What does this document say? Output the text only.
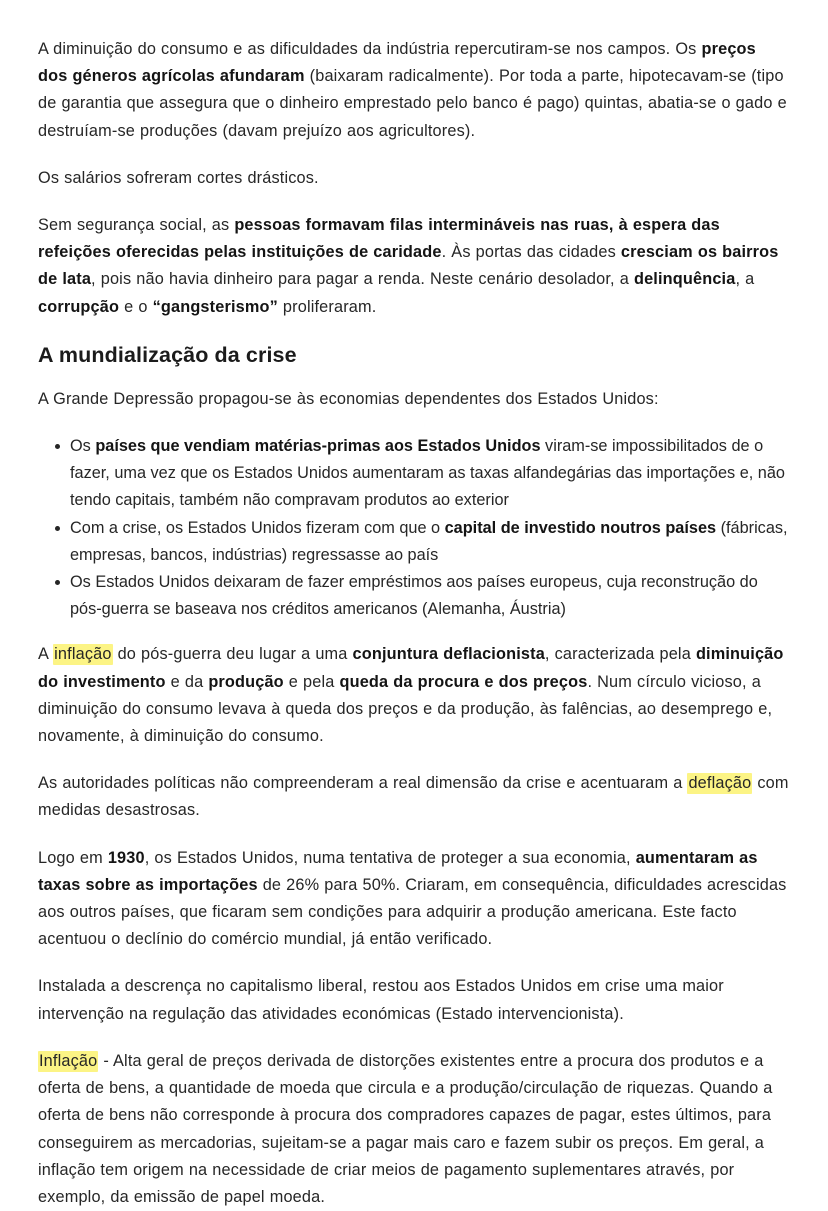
A diminuição do consumo e as dificuldades da indústria repercutiram-se nos campos. Os preços dos géneros agrícolas afundaram (baixaram radicalmente). Por toda a parte, hipotecavam-se (tipo de garantia que assegura que o dinheiro emprestado pelo banco é pago) quintas, abatia-se o gado e destruíam-se produções (davam prejuízo aos agricultores).

Os salários sofreram cortes drásticos.

Sem segurança social, as pessoas formavam filas intermináveis nas ruas, à espera das refeições oferecidas pelas instituições de caridade. Às portas das cidades cresciam os bairros de lata, pois não havia dinheiro para pagar a renda. Neste cenário desolador, a delinquência, a corrupção e o “gangsterismo” proliferaram.

A mundialização da crise

A Grande Depressão propagou-se às economias dependentes dos Estados Unidos:

Os países que vendiam matérias-primas aos Estados Unidos viram-se impossibilitados de o fazer, uma vez que os Estados Unidos aumentaram as taxas alfandegárias das importações e, não tendo capitais, também não compravam produtos ao exterior
Com a crise, os Estados Unidos fizeram com que o capital de investido noutros países (fábricas, empresas, bancos, indústrias) regressasse ao país
Os Estados Unidos deixaram de fazer empréstimos aos países europeus, cuja reconstrução do pós-guerra se baseava nos créditos americanos (Alemanha, Áustria)

A inflação do pós-guerra deu lugar a uma conjuntura deflacionista, caracterizada pela diminuição do investimento e da produção e pela queda da procura e dos preços. Num círculo vicioso, a diminuição do consumo levava à queda dos preços e da produção, às falências, ao desemprego e, novamente, à diminuição do consumo.

As autoridades políticas não compreenderam a real dimensão da crise e acentuaram a deflação com medidas desastrosas.

Logo em 1930, os Estados Unidos, numa tentativa de proteger a sua economia, aumentaram as taxas sobre as importações de 26% para 50%. Criaram, em consequência, dificuldades acrescidas aos outros países, que ficaram sem condições para adquirir a produção americana. Este facto acentuou o declínio do comércio mundial, já então verificado.

Instalada a descrença no capitalismo liberal, restou aos Estados Unidos em crise uma maior intervenção na regulação das atividades económicas (Estado intervencionista).

Inflação - Alta geral de preços derivada de distorções existentes entre a procura dos produtos e a oferta de bens, a quantidade de moeda que circula e a produção/circulação de riquezas. Quando a oferta de bens não corresponde à procura dos compradores capazes de pagar, estes últimos, para conseguirem as mercadorias, sujeitam-se a pagar mais caro e fazem subir os preços. Em geral, a inflação tem origem na necessidade de criar meios de pagamento suplementares através, por exemplo, da emissão de papel moeda.
